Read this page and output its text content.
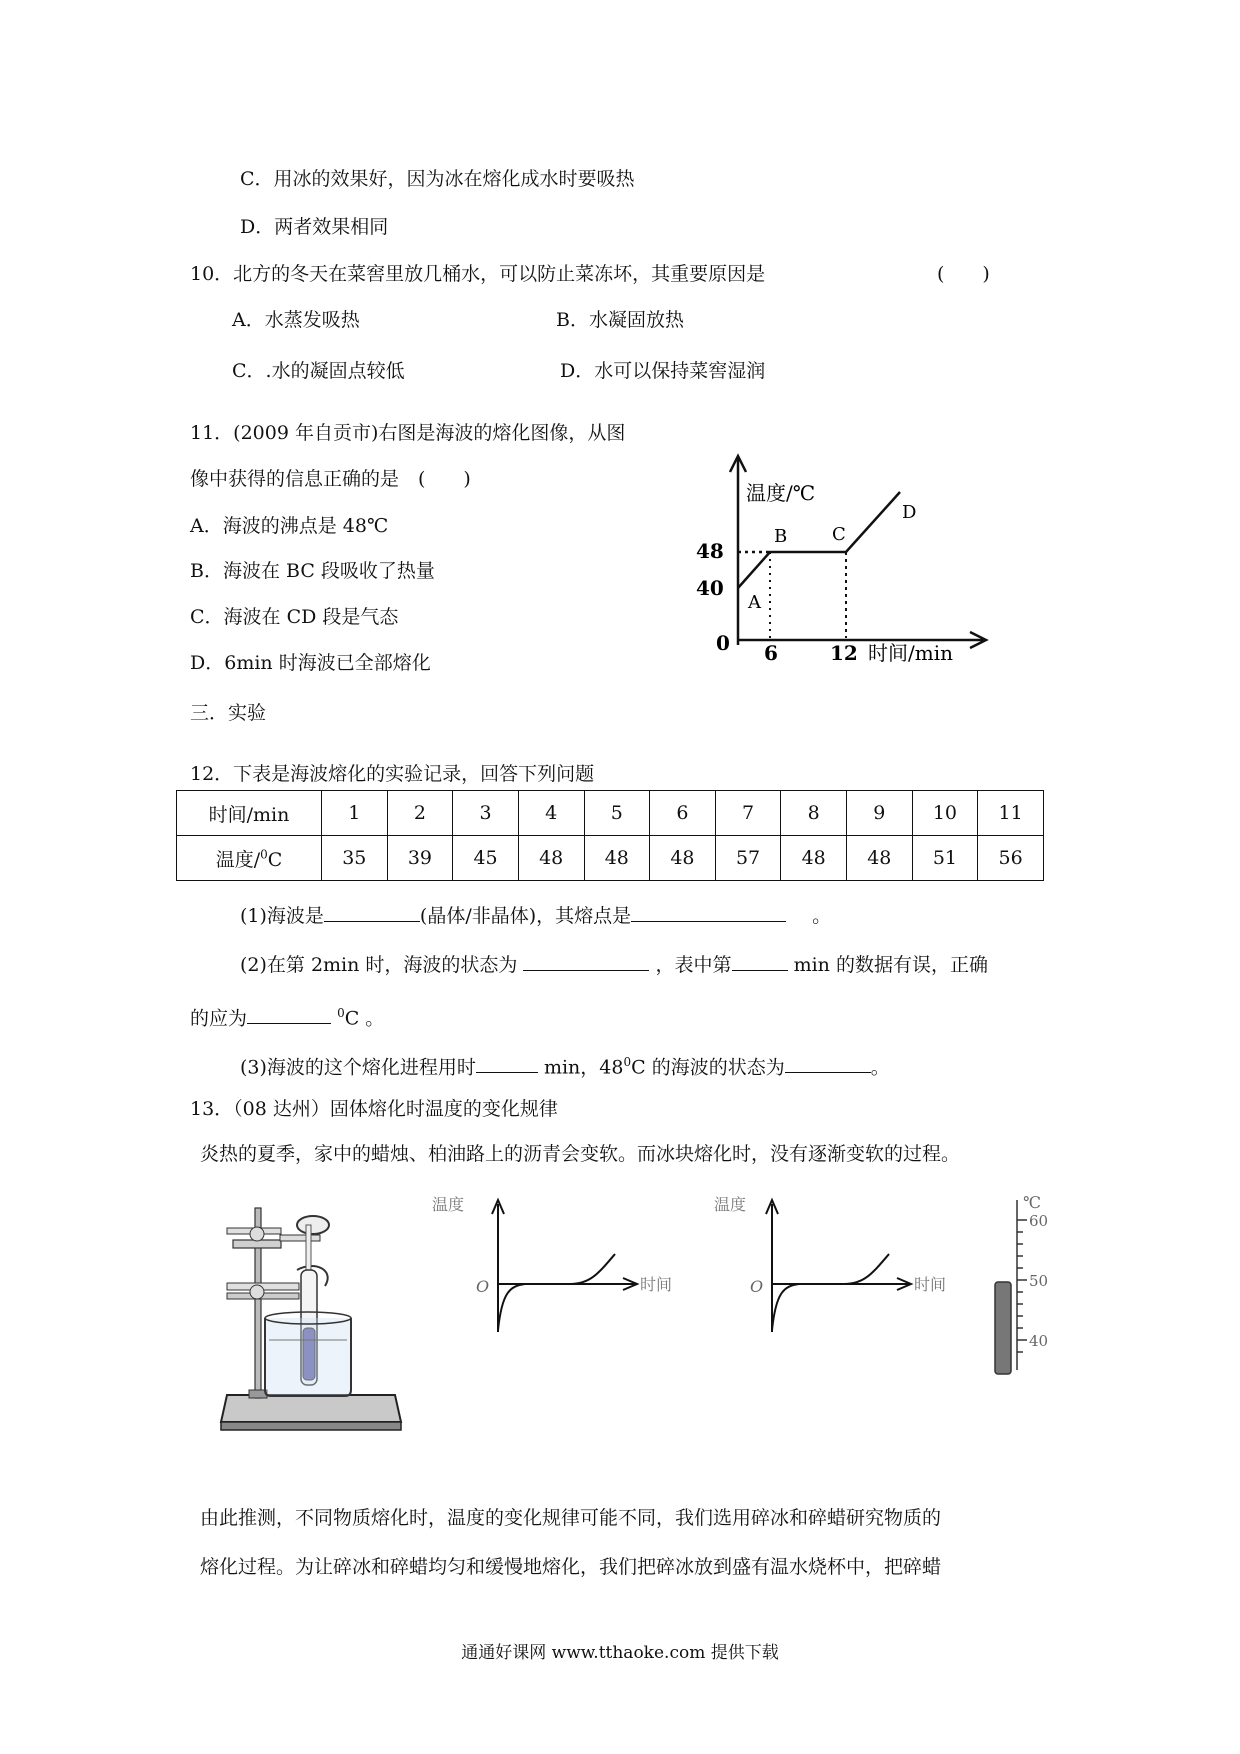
C．用冰的效果好，因为冰在熔化成水时要吸热
D．两者效果相同
10．北方的冬天在菜窖里放几桶水，可以防止菜冻坏，其重要原因是	(　　)
A．水蒸发吸热	B．水凝固放热
C．.水的凝固点较低	D．水可以保持菜窖湿润
11．(2009 年自贡市)右图是海波的熔化图像，从图
像中获得的信息正确的是　(　　)
A．海波的沸点是 48℃
B．海波在 BC 段吸收了热量
C．海波在 CD 段是气态
D．6min 时海波已全部熔化
温度/℃
48
40
0 6	12 时间/min
A
B C
D
三．实验
12．下表是海波熔化的实验记录，回答下列问题
时间/min	1	2	3	4	5	6	7	8	9	10	11
温度/$^0$C	35	39	45	48	48	48	57	48	48	51	56
(1)海波是	(晶体/非晶体)，其熔点是	。
(2)在第 2min 时，海波的状态为	，表中第	min 的数据有误，正确
的应为	$^0$C 。
(3)海波的这个熔化进程用时	min，$48^0C$ 的海波的状态为	。
13．（08 达州）固体熔化时温度的变化规律
炎热的夏季，家中的蜡烛、柏油路上的沥青会变软。而冰块熔化时，没有逐渐变软的过程。
温度
O	时间
温度
O	时间
℃
60
50
40
由此推测，不同物质熔化时，温度的变化规律可能不同，我们选用碎冰和碎蜡研究物质的
熔化过程。为让碎冰和碎蜡均匀和缓慢地熔化，我们把碎冰放到盛有温水烧杯中，把碎蜡
通通好课网 www.tthaoke.com 提供下载
